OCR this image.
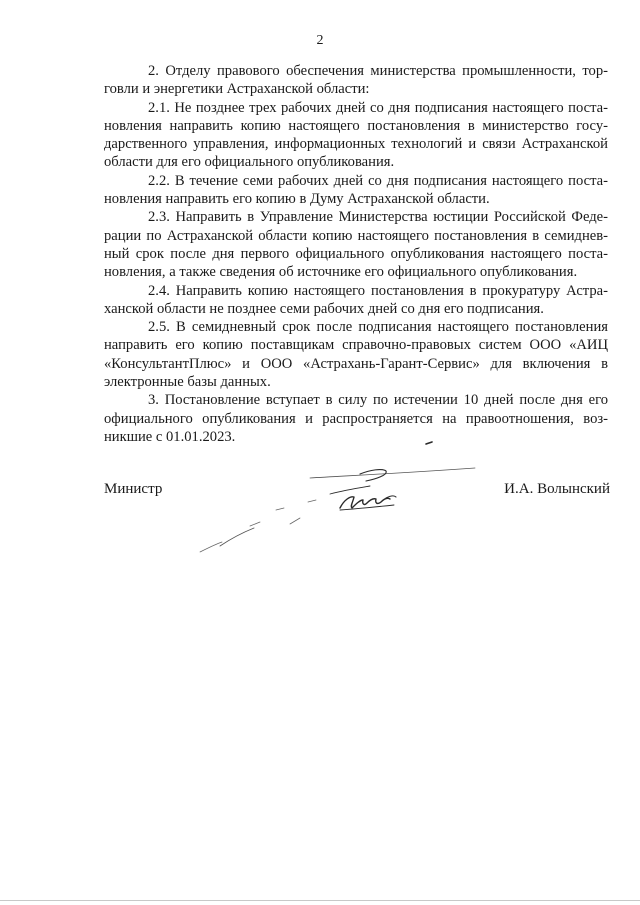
2

2. Отделу правового обеспечения министерства промышленности, тор-
говли и энергетики Астраханской области:

2.1. Не позднее трех рабочих дней со дня подписания настоящего поста-
новления направить копию настоящего постановления в министерство госу-
дарственного управления, информационных технологий и связи Астраханской
области для его официального опубликования.

2.2. В течение семи рабочих дней со дня подписания настоящего поста-
новления направить его копию в Думу Астраханской области.

2.3. Направить в Управление Министерства юстиции Российской Феде-
рации по Астраханской области копию настоящего постановления в семиднев-
ный срок после дня первого официального опубликования настоящего поста-
новления, а также сведения об источнике его официального опубликования.

2.4. Направить копию настоящего постановления в прокуратуру Астра-
ханской области не позднее семи рабочих дней со дня его подписания.

2.5. В семидневный срок после подписания настоящего постановления
направить его копию поставщикам справочно-правовых систем ООО «АИЦ
«КонсультантПлюс» и ООО «Астрахань-Гарант-Сервис» для включения в
электронные базы данных.

3. Постановление вступает в силу по истечении 10 дней после дня его
официального опубликования и распространяется на правоотношения, воз-
никшие с 01.01.2023.

Министр	И.А. Волынский
